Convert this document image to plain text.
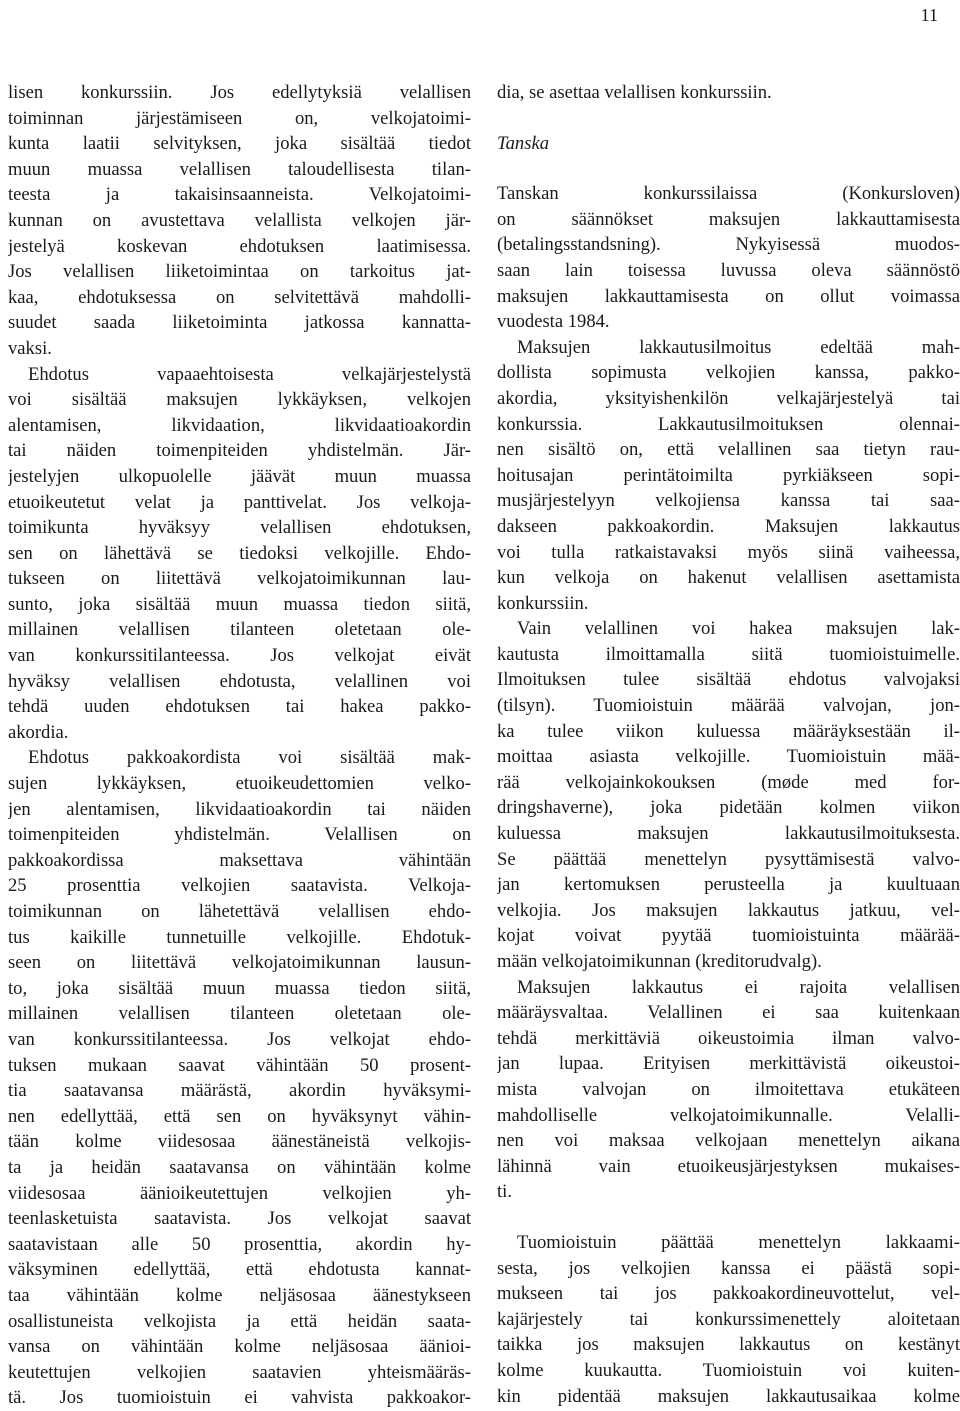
11
lisen konkurssiin. Jos edellytyksiä velallisen
toiminnan järjestämiseen on, velkojatoimi-
kunta laatii selvityksen, joka sisältää tiedot
muun muassa velallisen taloudellisesta tilan-
teesta ja takaisinsaanneista. Velkojatoimi-
kunnan on avustettava velallista velkojen jär-
jestelyä koskevan ehdotuksen laatimisessa.
Jos velallisen liiketoimintaa on tarkoitus jat-
kaa, ehdotuksessa on selvitettävä mahdolli-
suudet saada liiketoiminta jatkossa kannatta-
vaksi.
Ehdotus vapaaehtoisesta velkajärjestelystä
voi sisältää maksujen lykkäyksen, velkojen
alentamisen, likvidaation, likvidaatioakordin
tai näiden toimenpiteiden yhdistelmän. Jär-
jestelyjen ulkopuolelle jäävät muun muassa
etuoikeutetut velat ja panttivelat. Jos velkoja-
toimikunta hyväksyy velallisen ehdotuksen,
sen on lähettävä se tiedoksi velkojille. Ehdo-
tukseen on liitettävä velkojatoimikunnan lau-
sunto, joka sisältää muun muassa tiedon siitä,
millainen velallisen tilanteen oletetaan ole-
van konkurssitilanteessa. Jos velkojat eivät
hyväksy velallisen ehdotusta, velallinen voi
tehdä uuden ehdotuksen tai hakea pakko-
akordia.
Ehdotus pakkoakordista voi sisältää mak-
sujen lykkäyksen, etuoikeudettomien velko-
jen alentamisen, likvidaatioakordin tai näiden
toimenpiteiden yhdistelmän. Velallisen on
pakkoakordissa maksettava vähintään
25 prosenttia velkojien saatavista. Velkoja-
toimikunnan on lähetettävä velallisen ehdo-
tus kaikille tunnetuille velkojille. Ehdotuk-
seen on liitettävä velkojatoimikunnan lausun-
to, joka sisältää muun muassa tiedon siitä,
millainen velallisen tilanteen oletetaan ole-
van konkurssitilanteessa. Jos velkojat ehdo-
tuksen mukaan saavat vähintään 50 prosent-
tia saatavansa määrästä, akordin hyväksymi-
nen edellyttää, että sen on hyväksynyt vähin-
tään kolme viidesosaa äänestäneistä velkojis-
ta ja heidän saatavansa on vähintään kolme
viidesosaa äänioikeutettujen velkojien yh-
teenlasketuista saatavista. Jos velkojat saavat
saatavistaan alle 50 prosenttia, akordin hy-
väksyminen edellyttää, että ehdotusta kannat-
taa vähintään kolme neljäsosaa äänestykseen
osallistuneista velkojista ja että heidän saata-
vansa on vähintään kolme neljäsosaa äänioi-
keutettujen velkojien saatavien yhteismääräs-
tä. Jos tuomioistuin ei vahvista pakkoakor-
dia, se asettaa velallisen konkurssiin.
Tanska
Tanskan konkurssilaissa (Konkursloven)
on säännökset maksujen lakkauttamisesta
(betalingsstandsning). Nykyisessä muodos-
saan lain toisessa luvussa oleva säännöstö
maksujen lakkauttamisesta on ollut voimassa
vuodesta 1984.
Maksujen lakkautusilmoitus edeltää mah-
dollista sopimusta velkojien kanssa, pakko-
akordia, yksityishenkilön velkajärjestelyä tai
konkurssia. Lakkautusilmoituksen olennai-
nen sisältö on, että velallinen saa tietyn rau-
hoitusajan perintätoimilta pyrkiäkseen sopi-
musjärjestelyyn velkojiensa kanssa tai saa-
dakseen pakkoakordin. Maksujen lakkautus
voi tulla ratkaistavaksi myös siinä vaiheessa,
kun velkoja on hakenut velallisen asettamista
konkurssiin.
Vain velallinen voi hakea maksujen lak-
kautusta ilmoittamalla siitä tuomioistuimelle.
Ilmoituksen tulee sisältää ehdotus valvojaksi
(tilsyn). Tuomioistuin määrää valvojan, jon-
ka tulee viikon kuluessa määräyksestään il-
moittaa asiasta velkojille. Tuomioistuin mää-
rää velkojainkokouksen (møde med for-
dringshaverne), joka pidetään kolmen viikon
kuluessa maksujen lakkautusilmoituksesta.
Se päättää menettelyn pysyttämisestä valvo-
jan kertomuksen perusteella ja kuultuaan
velkojia. Jos maksujen lakkautus jatkuu, vel-
kojat voivat pyytää tuomioistuinta määrää-
mään velkojatoimikunnan (kreditorudvalg).
Maksujen lakkautus ei rajoita velallisen
määräysvaltaa. Velallinen ei saa kuitenkaan
tehdä merkittäviä oikeustoimia ilman valvo-
jan lupaa. Erityisen merkittävistä oikeustoi-
mista valvojan on ilmoitettava etukäteen
mahdolliselle velkojatoimikunnalle. Velalli-
nen voi maksaa velkojaan menettelyn aikana
lähinnä vain etuoikeusjärjestyksen mukaises-
ti.
Tuomioistuin päättää menettelyn lakkaami-
sesta, jos velkojien kanssa ei päästä sopi-
mukseen tai jos pakkoakordineuvottelut, vel-
kajärjestely tai konkurssimenettely aloitetaan
taikka jos maksujen lakkautus on kestänyt
kolme kuukautta. Tuomioistuin voi kuiten-
kin pidentää maksujen lakkautusaikaa kolme
